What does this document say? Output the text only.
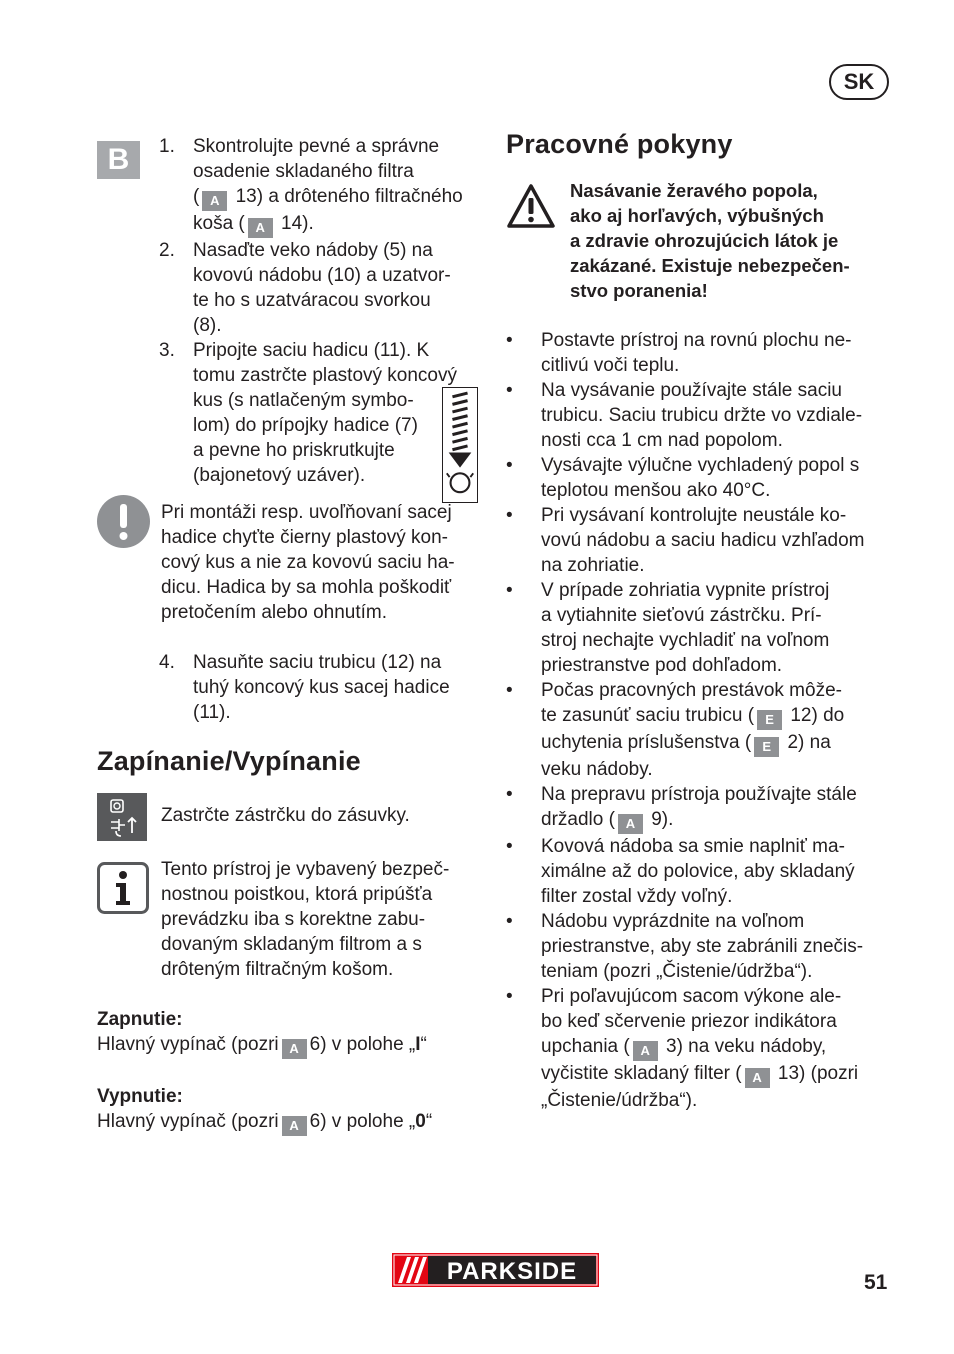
SK
B	1. Skontrolujte pevné a správne
osadenie skladaného filtra
( A 13) a drôteného filtračného
koša ( A 14).
2. Nasaďte veko nádoby (5) na
kovovú nádobu (10) a uzatvor-
te ho s uzatváracou svorkou
(8).
3. Pripojte saciu hadicu (11). K
tomu zastrčte plastový koncový
kus (s natlačeným symbo-
lom) do prípojky hadice (7)
a pevne ho priskrutkujte
(bajonetový uzáver).
Pri montáži resp. uvoľňovaní sacej
hadice chyťte čierny plastový kon-
cový kus a nie za kovovú saciu ha-
dicu. Hadica by sa mohla poškodiť
pretočením alebo ohnutím.
4. Nasuňte saciu trubicu (12) na
tuhý koncový kus sacej hadice
(11).
Zapínanie/Vypínanie
Zastrčte zástrčku do zásuvky.
Tento prístroj je vybavený bezpeč-
nostnou poistkou, ktorá pripúšťa
prevádzku iba s korektne zabu-
dovaným skladaným filtrom a s
drôteným filtračným košom.
Zapnutie:
Hlavný vypínač (pozri A 6) v polohe „I“
Vypnutie:
Hlavný vypínač (pozri A 6) v polohe „0“
Pracovné pokyny
Nasávanie žeravého popola,
ako aj horľavých, výbušných
a zdravie ohrozujúcich látok je
zakázané. Existuje nebezpečen-
stvo poranenia!
• Postavte prístroj na rovnú plochu ne-
citlivú voči teplu.
• Na vysávanie používajte stále saciu
trubicu. Saciu trubicu držte vo vzdiale-
nosti cca 1 cm nad popolom.
• Vysávajte výlučne vychladený popol s
teplotou menšou ako 40°C.
• Pri vysávaní kontrolujte neustále ko-
vovú nádobu a saciu hadicu vzhľadom
na zohriatie.
• V prípade zohriatia vypnite prístroj
a vytiahnite sieťovú zástrčku. Prí-
stroj nechajte vychladiť na voľnom
priestranstve pod dohľadom.
• Počas pracovných prestávok môže-
te zasunúť saciu trubicu ( E 12) do
uchytenia príslušenstva ( E 2) na
veku nádoby.
• Na prepravu prístroja používajte stále
držadlo ( A 9).
• Kovová nádoba sa smie naplniť ma-
ximálne až do polovice, aby skladaný
filter zostal vždy voľný.
• Nádobu vyprázdnite na voľnom
priestranstve, aby ste zabránili znečis-
teniam (pozri „Čistenie/údržba“).
• Pri poľavujúcom sacom výkone ale-
bo keď sčervenie priezor indikátora
upchania ( A 3) na veku nádoby,
vyčistite skladaný filter ( A 13) (pozri
„Čistenie/údržba“).
PARKSIDE	51
